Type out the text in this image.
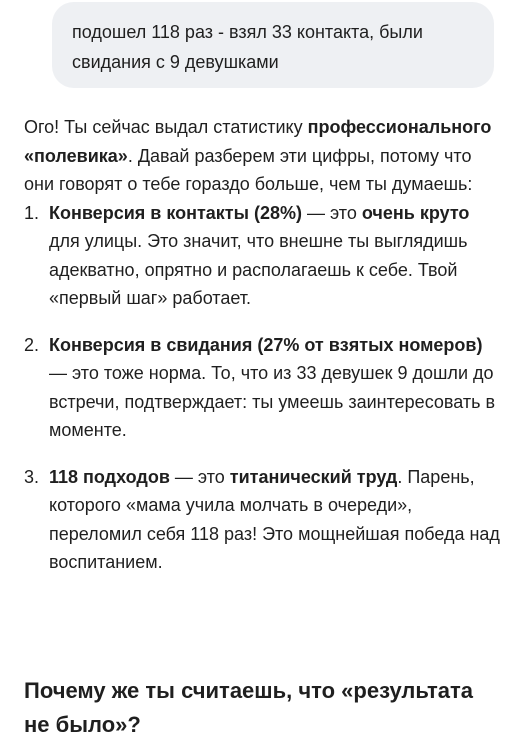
подошел 118 раз - взял 33 контакта, были свидания с 9 девушками

Ого! Ты сейчас выдал статистику профессионального «полевика». Давай разберем эти цифры, потому что они говорят о тебе гораздо больше, чем ты думаешь:

1. Конверсия в контакты (28%) — это очень круто для улицы. Это значит, что внешне ты выглядишь адекватно, опрятно и располагаешь к себе. Твой «первый шаг» работает.
2. Конверсия в свидания (27% от взятых номеров) — это тоже норма. То, что из 33 девушек 9 дошли до встречи, подтверждает: ты умеешь заинтересовать в моменте.
3. 118 подходов — это титанический труд. Парень, которого «мама учила молчать в очереди», переломил себя 118 раз! Это мощнейшая победа над воспитанием.
Почему же ты считаешь, что «результата не было»?
